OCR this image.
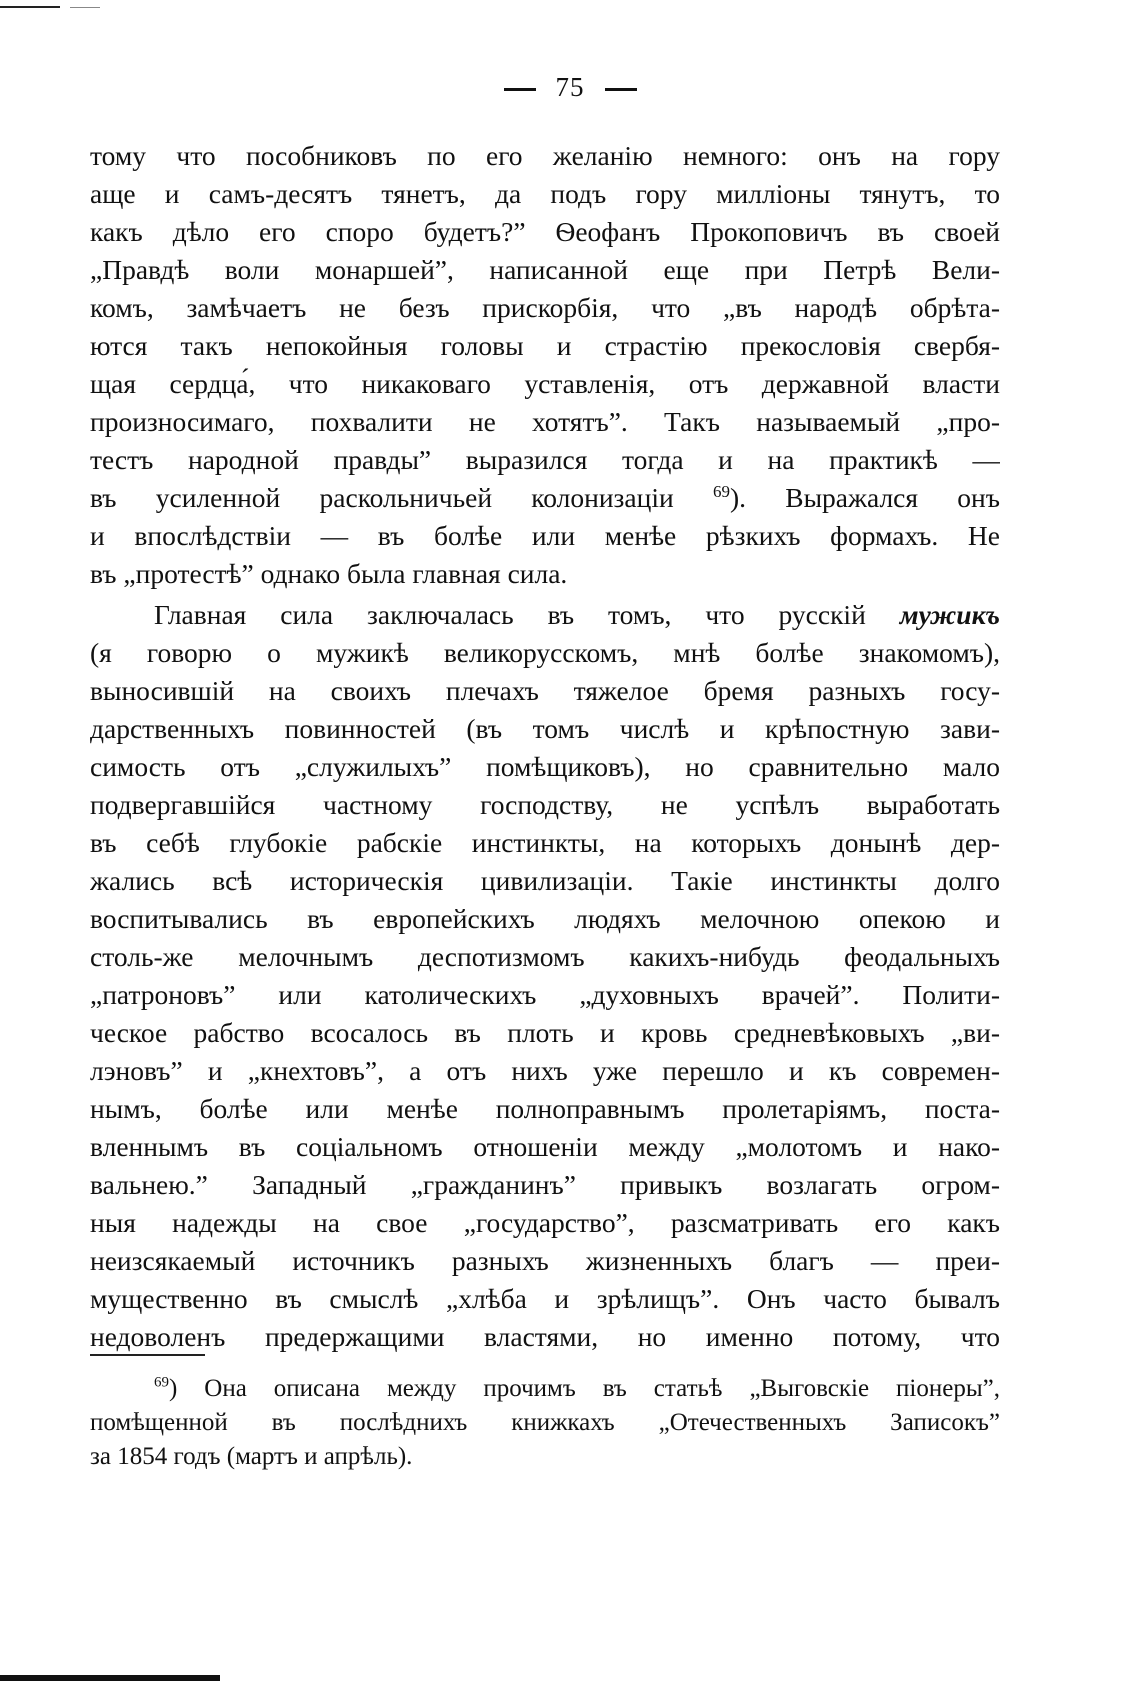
75
тому что пособниковъ по его желанію немного: онъ на гору
аще и самъ-десятъ тянетъ, да подъ гору милліоны тянутъ, то
какъ дѣло его споро будетъ?” Ѳеофанъ Прокоповичъ въ своей
„Правдѣ воли монаршей”, написанной еще при Петрѣ Вели-
комъ, замѣчаетъ не безъ прискорбія, что „въ народѣ обрѣта-
ются такъ непокойныя головы и страстію прекословія свербя-
щая сердца́, что никаковаго уставленія, отъ державной власти
произносимаго, похвалити не хотятъ”. Такъ называемый „про-
тестъ народной правды” выразился тогда и на практикѣ —
въ усиленной раскольничьей колонизаціи $^{69}$). Выражался онъ
и впослѣдствіи — въ болѣе или менѣе рѣзкихъ формахъ. Не
въ „протестѣ” однако была главная сила.
Главная сила заключалась въ томъ, что русскій мужикъ
(я говорю о мужикѣ великорусскомъ, мнѣ болѣе знакомомъ),
выносившій на своихъ плечахъ тяжелое бремя разныхъ госу-
дарственныхъ повинностей (въ томъ числѣ и крѣпостную зави-
симость отъ „служилыхъ” помѣщиковъ), но сравнительно мало
подвергавшійся частному господству, не успѣлъ выработать
въ себѣ глубокіе рабскіе инстинкты, на которыхъ донынѣ дер-
жались всѣ историческія цивилизаціи. Такіе инстинкты долго
воспитывались въ европейскихъ людяхъ мелочною опекою и
столь-же мелочнымъ деспотизмомъ какихъ-нибудь феодальныхъ
„патроновъ” или католическихъ „духовныхъ врачей”. Полити-
ческое рабство всосалось въ плоть и кровь средневѣковыхъ „ви-
лэновъ” и „кнехтовъ”, а отъ нихъ уже перешло и къ современ-
нымъ, болѣе или менѣе полноправнымъ пролетаріямъ, поста-
вленнымъ въ соціальномъ отношеніи между „молотомъ и нако-
вальнею.” Западный „гражданинъ” привыкъ возлагать огром-
ныя надежды на свое „государство”, разсматривать его какъ
неизсякаемый источникъ разныхъ жизненныхъ благъ — преи-
мущественно въ смыслѣ „хлѣба и зрѣлищъ”. Онъ часто бывалъ
недоволенъ предержащими властями, но именно потому, что
$^{69}$) Она описана между прочимъ въ статьѣ „Выговскіе піонеры”,
помѣщенной въ послѣднихъ книжкахъ „Отечественныхъ Записокъ”
за 1854 годъ (мартъ и апрѣль).
